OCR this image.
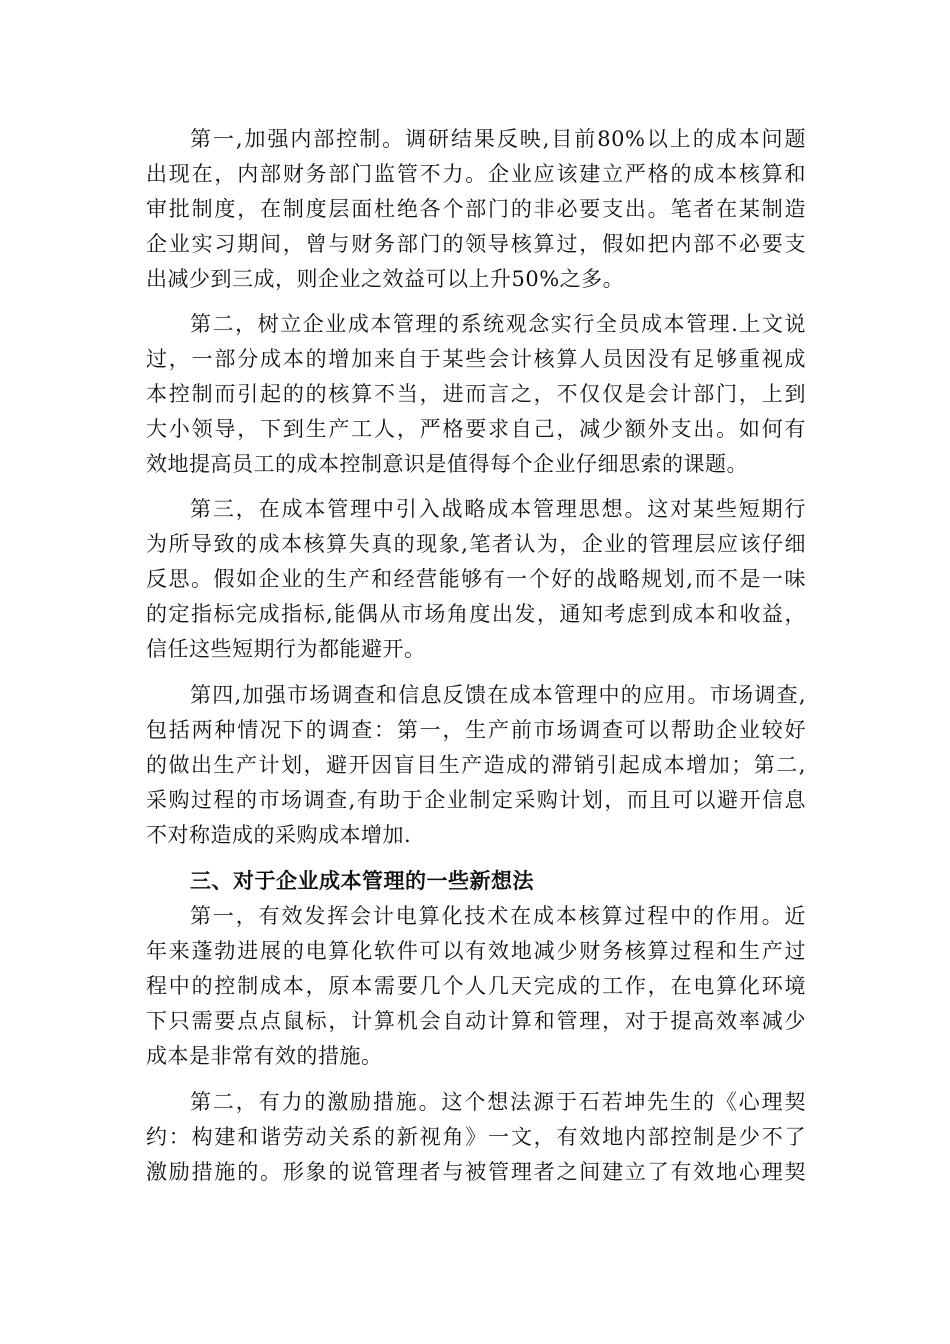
第一,加强内部控制。调研结果反映,目前80%以上的成本问题
出现在，内部财务部门监管不力。企业应该建立严格的成本核算和
审批制度，在制度层面杜绝各个部门的非必要支出。笔者在某制造
企业实习期间，曾与财务部门的领导核算过，假如把内部不必要支
出减少到三成，则企业之效益可以上升50%之多。
第二，树立企业成本管理的系统观念实行全员成本管理.上文说
过，一部分成本的增加来自于某些会计核算人员因没有足够重视成
本控制而引起的的核算不当，进而言之，不仅仅是会计部门，上到
大小领导，下到生产工人，严格要求自己，减少额外支出。如何有
效地提高员工的成本控制意识是值得每个企业仔细思索的课题。
第三，在成本管理中引入战略成本管理思想。这对某些短期行
为所导致的成本核算失真的现象,笔者认为，企业的管理层应该仔细
反思。假如企业的生产和经营能够有一个好的战略规划,而不是一味
的定指标完成指标,能偶从市场角度出发，通知考虑到成本和收益，
信任这些短期行为都能避开。
第四,加强市场调查和信息反馈在成本管理中的应用。市场调查,
包括两种情况下的调查：第一，生产前市场调查可以帮助企业较好
的做出生产计划，避开因盲目生产造成的滞销引起成本增加；第二,
采购过程的市场调查,有助于企业制定采购计划，而且可以避开信息
不对称造成的采购成本增加.
三、对于企业成本管理的一些新想法
第一，有效发挥会计电算化技术在成本核算过程中的作用。近
年来蓬勃进展的电算化软件可以有效地减少财务核算过程和生产过
程中的控制成本，原本需要几个人几天完成的工作，在电算化环境
下只需要点点鼠标，计算机会自动计算和管理，对于提高效率减少
成本是非常有效的措施。
第二，有力的激励措施。这个想法源于石若坤先生的《心理契
约：构建和谐劳动关系的新视角》一文，有效地内部控制是少不了
激励措施的。形象的说管理者与被管理者之间建立了有效地心理契
